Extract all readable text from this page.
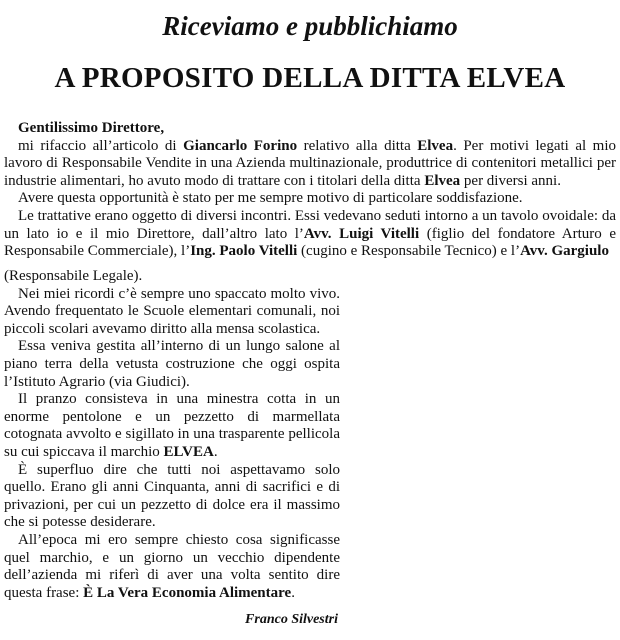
Riceviamo e pubblichiamo
A PROPOSITO DELLA DITTA ELVEA

Gentilissimo Direttore,

mi rifaccio all’articolo di Giancarlo Forino relativo alla ditta Elvea. Per motivi legati al mio lavoro di Responsabile Vendite in una Azienda multinazionale, produttrice di contenitori metallici per industrie alimentari, ho avuto modo di trattare con i titolari della ditta Elvea per diversi anni.

Avere questa opportunità è stato per me sempre motivo di particolare soddisfazione.

Le trattative erano oggetto di diversi incontri. Essi vedevano seduti intorno a un tavolo ovoidale: da un lato io e il mio Direttore, dall’altro lato l’Avv. Luigi Vitelli (figlio del fondatore Arturo e Responsabile Commerciale), l’Ing. Paolo Vitelli (cugino e Responsabile Tecnico) e l’Avv. Gargiulo

(Responsabile Legale).

Nei miei ricordi c’è sempre uno spaccato molto vivo. Avendo frequentato le Scuole elementari comunali, noi piccoli scolari avevamo diritto alla mensa scolastica.

Essa veniva gestita all’interno di un lungo salone al piano terra della vetusta costruzione che oggi ospita l’Istituto Agrario (via Giudici).

Il pranzo consisteva in una minestra cotta in un enorme pentolone e un pezzetto di marmellata cotognata avvolto e sigillato in una trasparente pellicola su cui spiccava il marchio ELVEA.

È superfluo dire che tutti noi aspettavamo solo quello. Erano gli anni Cinquanta, anni di sacrifici e di privazioni, per cui un pezzetto di dolce era il massimo che si potesse desiderare.

All’epoca mi ero sempre chiesto cosa significasse quel marchio, e un giorno un vecchio dipendente dell’azienda mi riferì di aver una volta sentito dire questa frase: È La Vera Economia Alimentare.

Franco Silvestri
